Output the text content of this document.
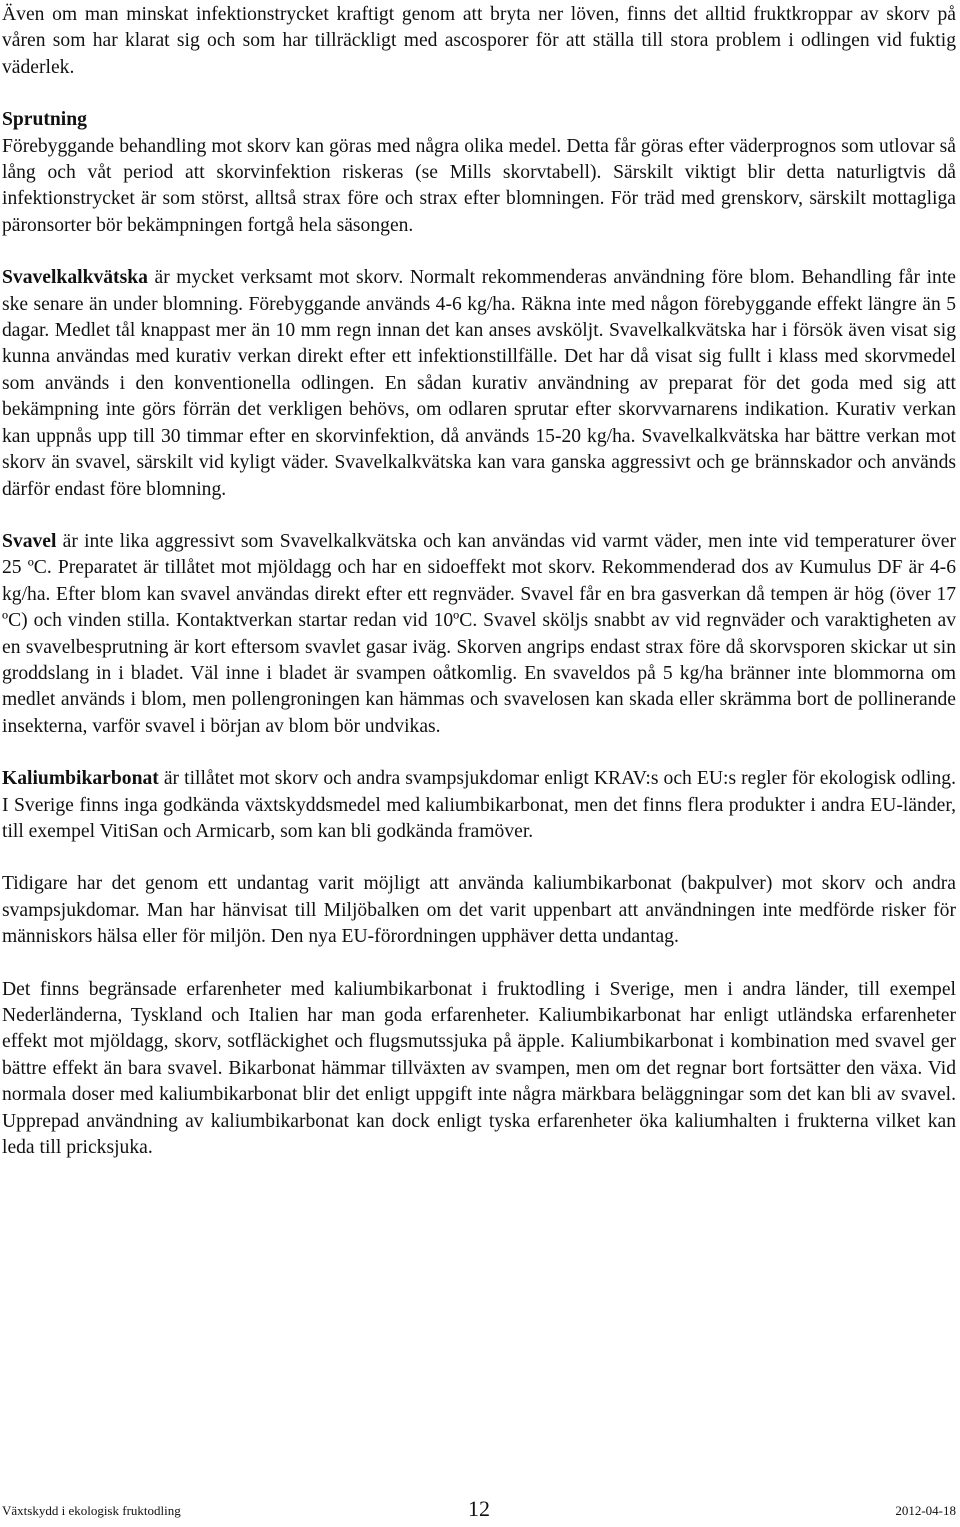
Även om man minskat infektionstrycket kraftigt genom att bryta ner löven, finns det alltid fruktkroppar av skorv på våren som har klarat sig och som har tillräckligt med ascosporer för att ställa till stora problem i odlingen vid fuktig väderlek.

Sprutning

Förebyggande behandling mot skorv kan göras med några olika medel. Detta får göras efter väderprognos som utlovar så lång och våt period att skorvinfektion riskeras (se Mills skorvtabell). Särskilt viktigt blir detta naturligtvis då infektionstrycket är som störst, alltså strax före och strax efter blomningen. För träd med grenskorv, särskilt mottagliga päronsorter bör bekämpningen fortgå hela säsongen.

Svavelkalkvätska är mycket verksamt mot skorv. Normalt rekommenderas användning före blom. Behandling får inte ske senare än under blomning. Förebyggande används 4-6 kg/ha. Räkna inte med någon förebyggande effekt längre än 5 dagar. Medlet tål knappast mer än 10 mm regn innan det kan anses avsköljt. Svavelkalkvätska har i försök även visat sig kunna användas med kurativ verkan direkt efter ett infektionstillfälle. Det har då visat sig fullt i klass med skorvmedel som används i den konventionella odlingen. En sådan kurativ användning av preparat för det goda med sig att bekämpning inte görs förrän det verkligen behövs, om odlaren sprutar efter skorvvarnarens indikation. Kurativ verkan kan uppnås upp till 30 timmar efter en skorvinfektion, då används 15-20 kg/ha. Svavelkalkvätska har bättre verkan mot skorv än svavel, särskilt vid kyligt väder. Svavelkalkvätska kan vara ganska aggressivt och ge brännskador och används därför endast före blomning.

Svavel är inte lika aggressivt som Svavelkalkvätska och kan användas vid varmt väder, men inte vid temperaturer över 25 ºC. Preparatet är tillåtet mot mjöldagg och har en sidoeffekt mot skorv. Rekommenderad dos av Kumulus DF är 4-6 kg/ha. Efter blom kan svavel användas direkt efter ett regnväder. Svavel får en bra gasverkan då tempen är hög (över 17 ºC) och vinden stilla. Kontaktverkan startar redan vid 10ºC. Svavel sköljs snabbt av vid regnväder och varaktigheten av en svavelbesprutning är kort eftersom svavlet gasar iväg. Skorven angrips endast strax före då skorvsporen skickar ut sin groddslang in i bladet. Väl inne i bladet är svampen oåtkomlig. En svaveldos på 5 kg/ha bränner inte blommorna om medlet används i blom, men pollengroningen kan hämmas och svavelosen kan skada eller skrämma bort de pollinerande insekterna, varför svavel i början av blom bör undvikas.

Kaliumbikarbonat är tillåtet mot skorv och andra svampsjukdomar enligt KRAV:s och EU:s regler för ekologisk odling. I Sverige finns inga godkända växtskyddsmedel med kaliumbikarbonat, men det finns flera produkter i andra EU-länder, till exempel VitiSan och Armicarb, som kan bli godkända framöver.

Tidigare har det genom ett undantag varit möjligt att använda kaliumbikarbonat (bakpulver) mot skorv och andra svampsjukdomar. Man har hänvisat till Miljöbalken om det varit uppenbart att användningen inte medförde risker för människors hälsa eller för miljön. Den nya EU-förordningen upphäver detta undantag.

Det finns begränsade erfarenheter med kaliumbikarbonat i fruktodling i Sverige, men i andra länder, till exempel Nederländerna, Tyskland och Italien har man goda erfarenheter. Kaliumbikarbonat har enligt utländska erfarenheter effekt mot mjöldagg, skorv, sotfläckighet och flugsmutssjuka på äpple. Kaliumbikarbonat i kombination med svavel ger bättre effekt än bara svavel. Bikarbonat hämmar tillväxten av svampen, men om det regnar bort fortsätter den växa. Vid normala doser med kaliumbikarbonat blir det enligt uppgift inte några märkbara beläggningar som det kan bli av svavel. Upprepad användning av kaliumbikarbonat kan dock enligt tyska erfarenheter öka kaliumhalten i frukterna vilket kan leda till pricksjuka.

Växtskydd i ekologisk fruktodling	12	2012-04-18
